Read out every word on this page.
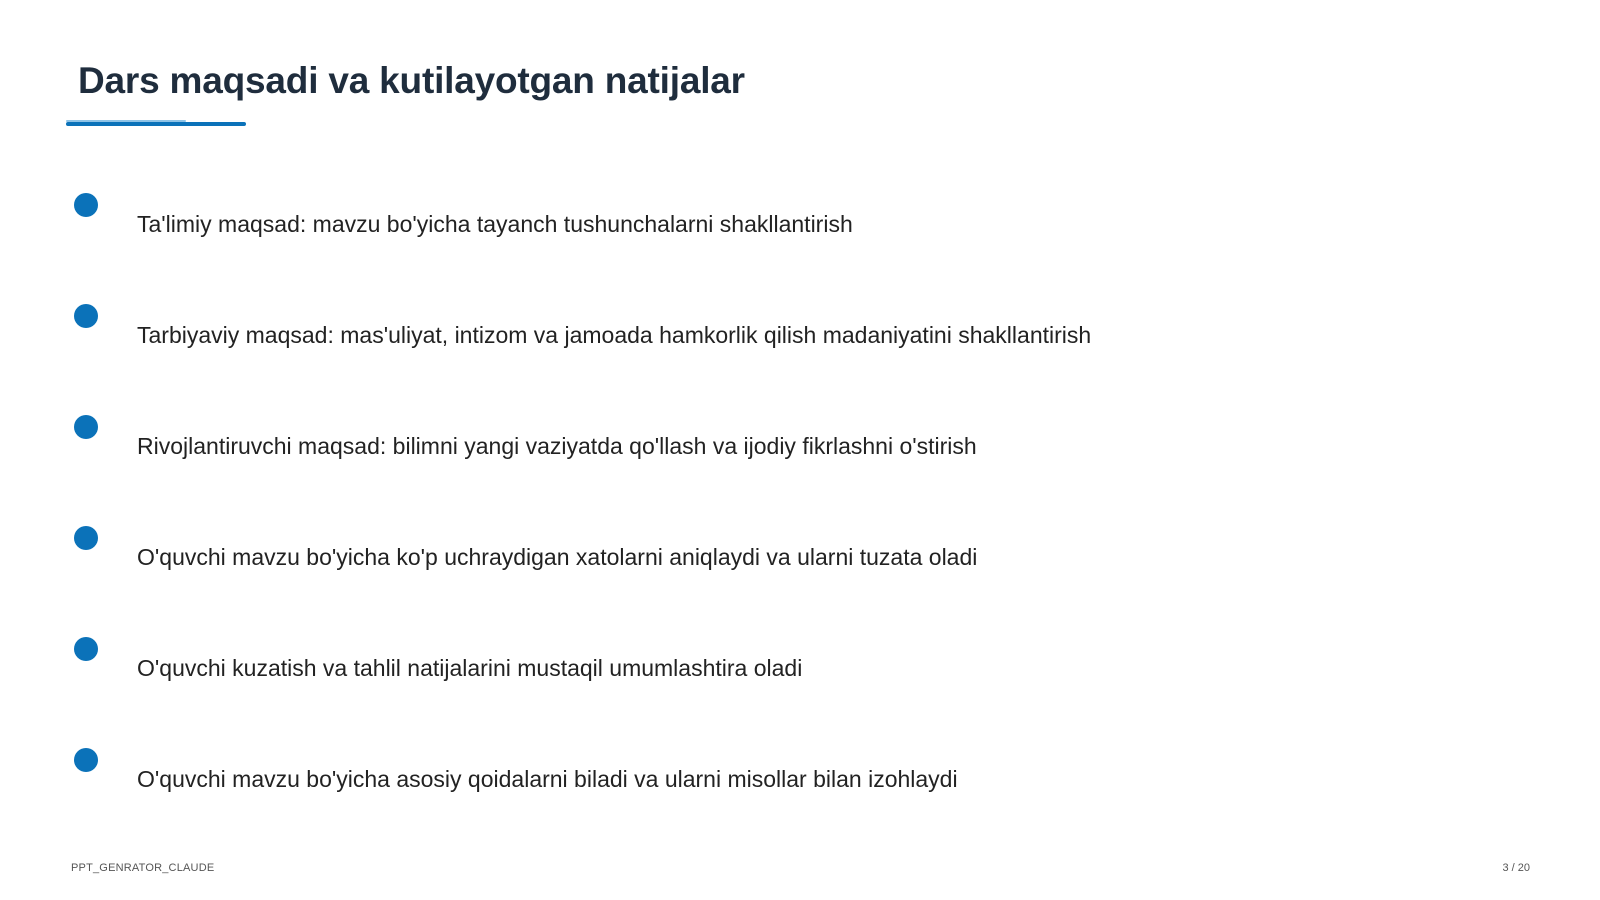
Dars maqsadi va kutilayotgan natijalar
Ta'limiy maqsad: mavzu bo'yicha tayanch tushunchalarni shakllantirish
Tarbiyaviy maqsad: mas'uliyat, intizom va jamoada hamkorlik qilish madaniyatini shakllantirish
Rivojlantiruvchi maqsad: bilimni yangi vaziyatda qo'llash va ijodiy fikrlashni o'stirish
O'quvchi mavzu bo'yicha ko'p uchraydigan xatolarni aniqlaydi va ularni tuzata oladi
O'quvchi kuzatish va tahlil natijalarini mustaqil umumlashtira oladi
O'quvchi mavzu bo'yicha asosiy qoidalarni biladi va ularni misollar bilan izohlaydi
PPT_GENRATOR_CLAUDE	3 / 20
